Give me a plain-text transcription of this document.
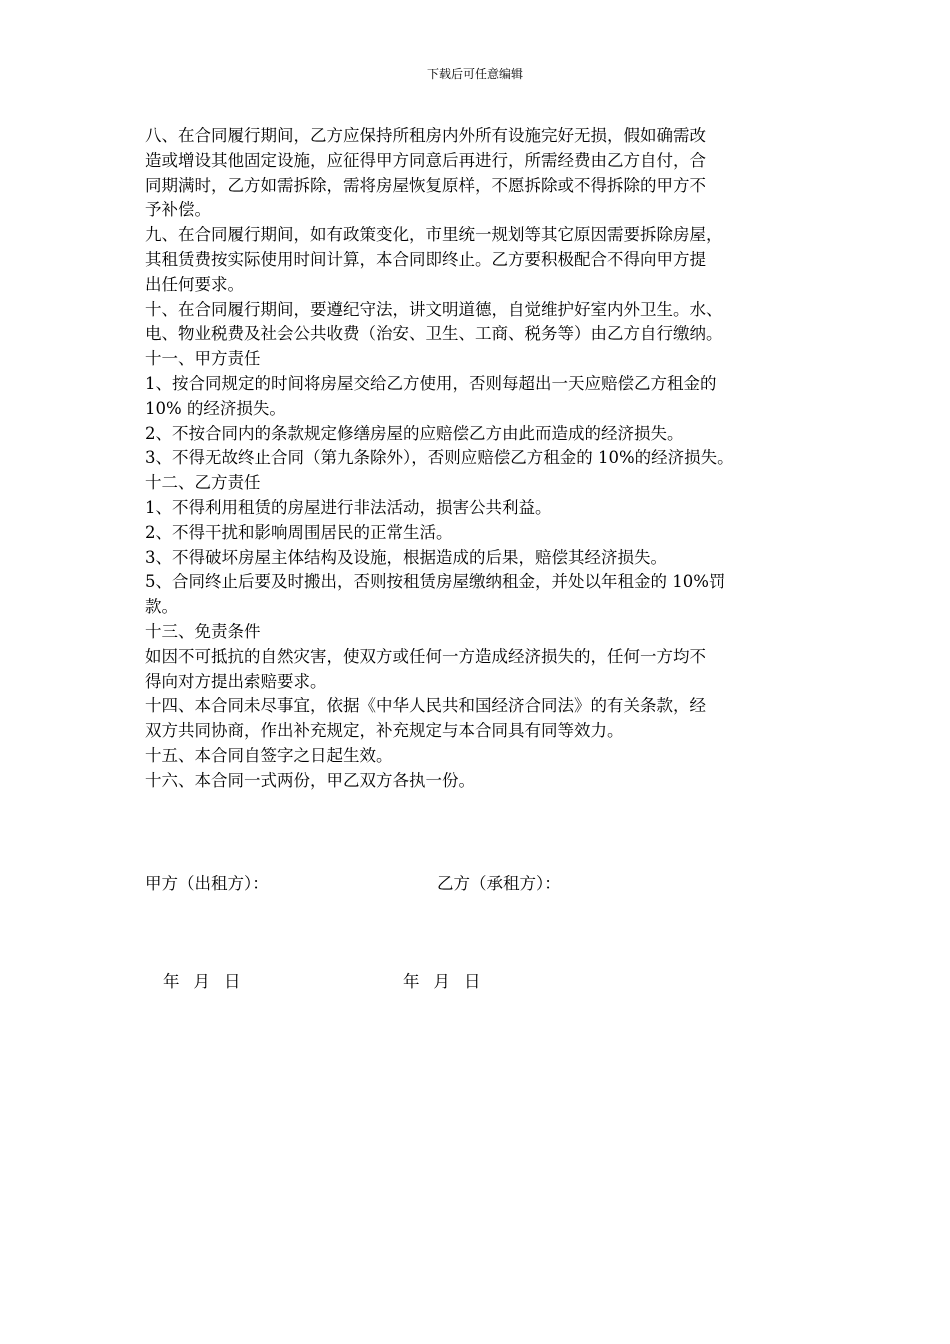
下载后可任意编辑
八、在合同履行期间，乙方应保持所租房内外所有设施完好无损，假如确需改
造或增设其他固定设施，应征得甲方同意后再进行，所需经费由乙方自付，合
同期满时，乙方如需拆除，需将房屋恢复原样，不愿拆除或不得拆除的甲方不
予补偿。
九、在合同履行期间，如有政策变化，市里统一规划等其它原因需要拆除房屋，
其租赁费按实际使用时间计算，本合同即终止。乙方要积极配合不得向甲方提
出任何要求。
十、在合同履行期间，要遵纪守法，讲文明道德，自觉维护好室内外卫生。水、
电、物业税费及社会公共收费（治安、卫生、工商、税务等）由乙方自行缴纳。
十一、甲方责任
1、按合同规定的时间将房屋交给乙方使用，否则每超出一天应赔偿乙方租金的
10% 的经济损失。
2、不按合同内的条款规定修缮房屋的应赔偿乙方由此而造成的经济损失。
3、不得无故终止合同（第九条除外），否则应赔偿乙方租金的 10%的经济损失。
十二、乙方责任
1、不得利用租赁的房屋进行非法活动，损害公共利益。
2、不得干扰和影响周围居民的正常生活。
3、不得破坏房屋主体结构及设施，根据造成的后果，赔偿其经济损失。
5、合同终止后要及时搬出，否则按租赁房屋缴纳租金，并处以年租金的 10%罚
款。
十三、免责条件
如因不可抵抗的自然灾害，使双方或任何一方造成经济损失的，任何一方均不
得向对方提出索赔要求。
十四、本合同未尽事宜，依据《中华人民共和国经济合同法》的有关条款，经
双方共同协商，作出补充规定，补充规定与本合同具有同等效力。
十五、本合同自签字之日起生效。
十六、本合同一式两份，甲乙双方各执一份。
甲方（出租方）：	乙方（承租方）：
年 月 日	年 月 日
